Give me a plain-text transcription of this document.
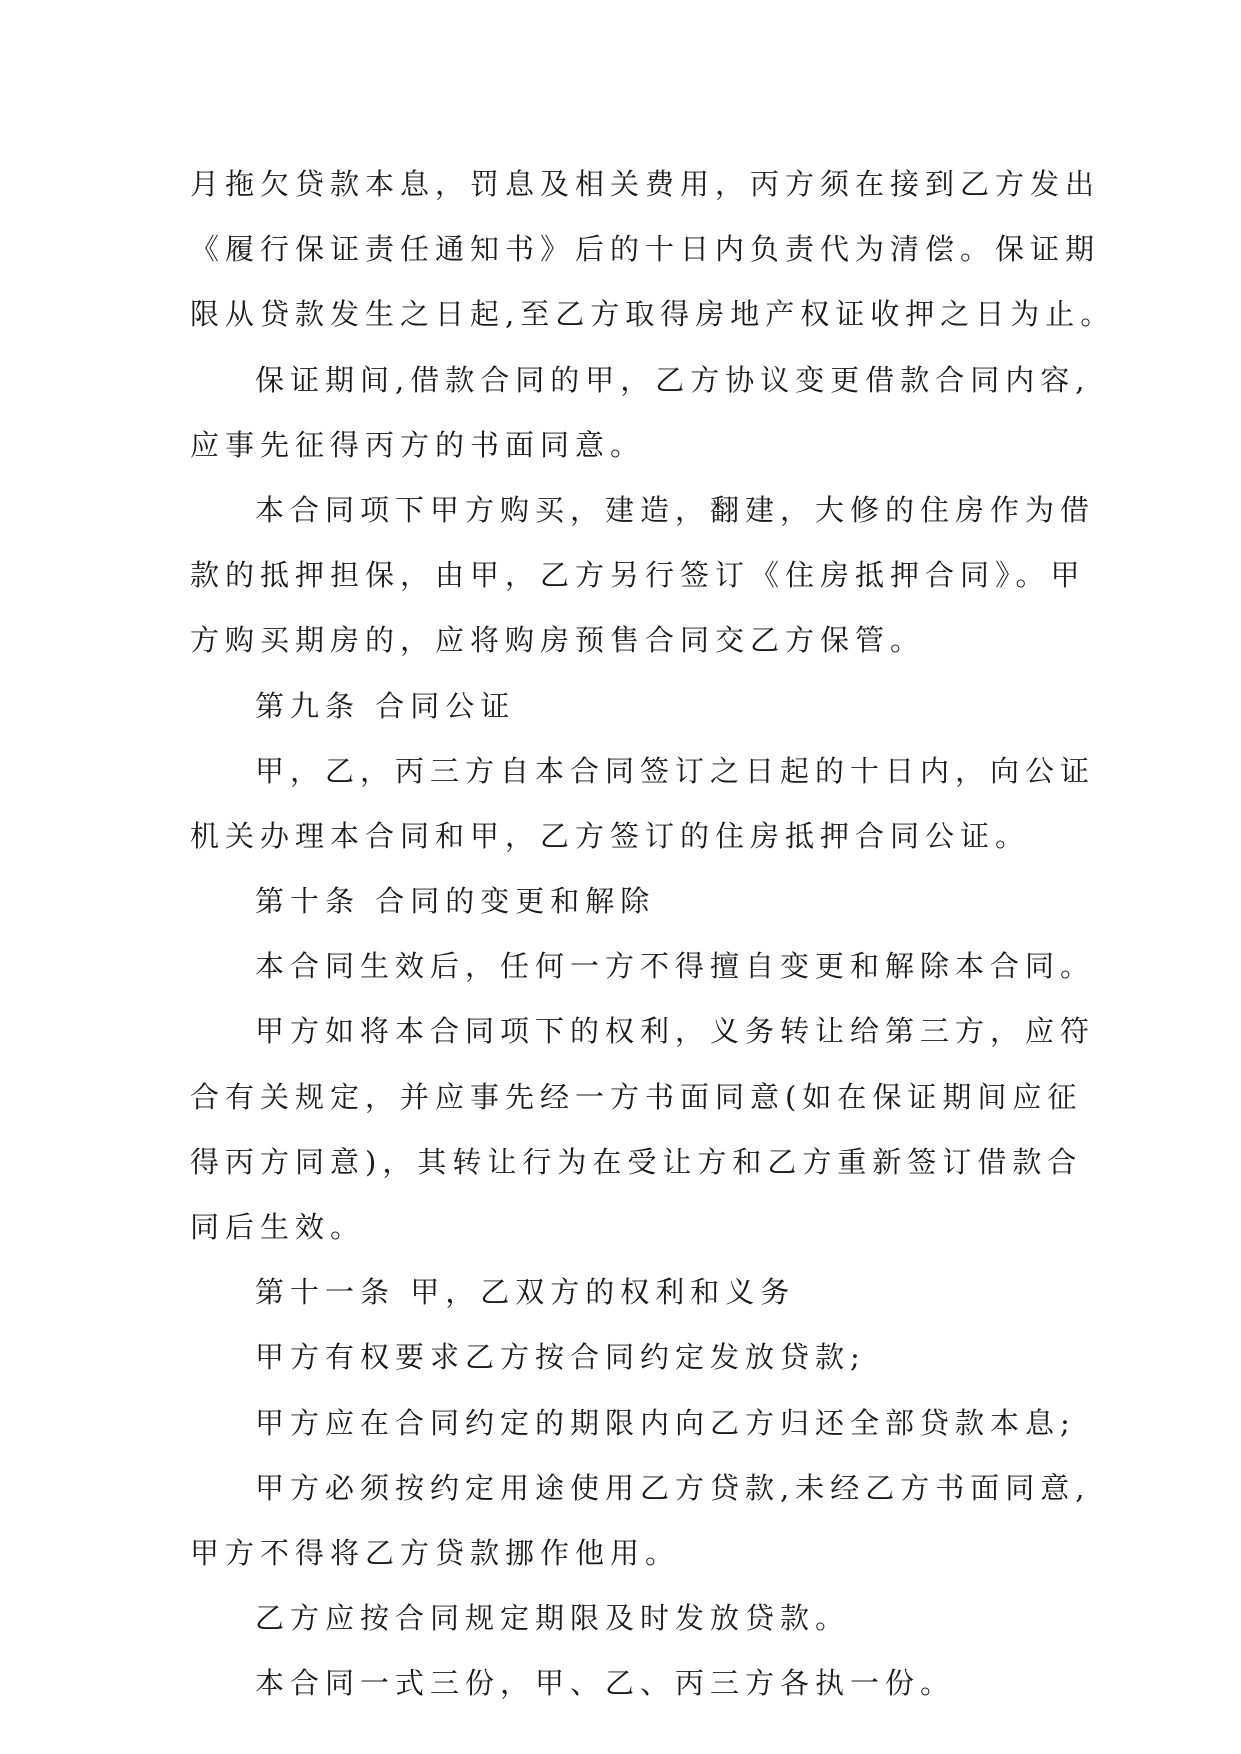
月拖欠贷款本息，罚息及相关费用，丙方须在接到乙方发出
《履行保证责任通知书》后的十日内负责代为清偿。保证期
限从贷款发生之日起,至乙方取得房地产权证收押之日为止。
保证期间,借款合同的甲，乙方协议变更借款合同内容,
应事先征得丙方的书面同意。
本合同项下甲方购买，建造，翻建，大修的住房作为借
款的抵押担保，由甲，乙方另行签订《住房抵押合同》。甲
方购买期房的，应将购房预售合同交乙方保管。
第九条 合同公证
甲，乙，丙三方自本合同签订之日起的十日内，向公证
机关办理本合同和甲，乙方签订的住房抵押合同公证。
第十条 合同的变更和解除
本合同生效后，任何一方不得擅自变更和解除本合同。
甲方如将本合同项下的权利，义务转让给第三方，应符
合有关规定，并应事先经一方书面同意(如在保证期间应征
得丙方同意)，其转让行为在受让方和乙方重新签订借款合
同后生效。
第十一条 甲，乙双方的权利和义务
甲方有权要求乙方按合同约定发放贷款;
甲方应在合同约定的期限内向乙方归还全部贷款本息;
甲方必须按约定用途使用乙方贷款,未经乙方书面同意,
甲方不得将乙方贷款挪作他用。
乙方应按合同规定期限及时发放贷款。
本合同一式三份，甲、乙、丙三方各执一份。
